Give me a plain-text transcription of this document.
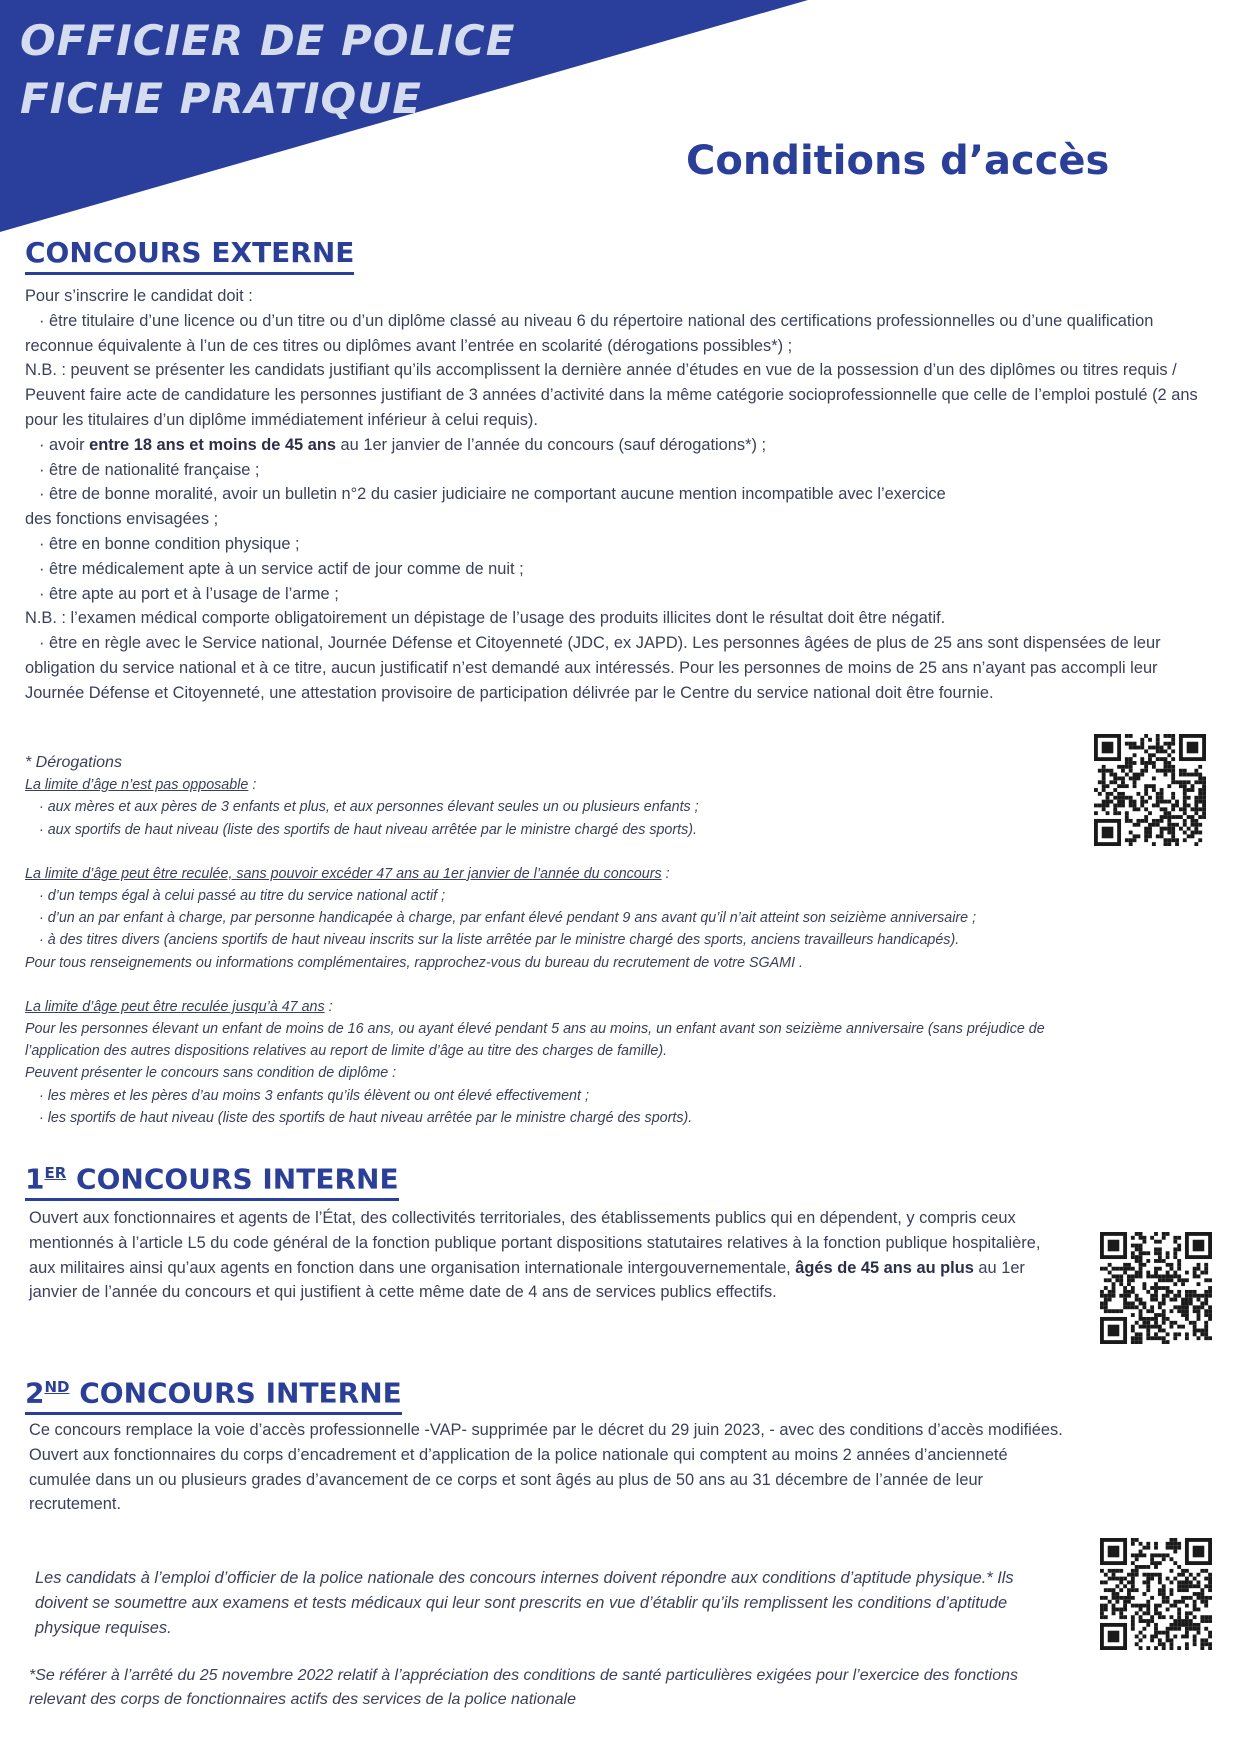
OFFICIER DE POLICE
FICHE PRATIQUE
Conditions d’accès
CONCOURS EXTERNE

Pour s’inscrire le candidat doit :

· être titulaire d’une licence ou d’un titre ou d’un diplôme classé au niveau 6 du répertoire national des certifications professionnelles ou d’une qualification reconnue équivalente à l’un de ces titres ou diplômes avant l’entrée en scolarité (dérogations possibles*) ;

N.B. : peuvent se présenter les candidats justifiant qu’ils accomplissent la dernière année d’études en vue de la possession d’un des diplômes ou titres requis / Peuvent faire acte de candidature les personnes justifiant de 3 années d’activité dans la même catégorie socioprofessionnelle que celle de l’emploi postulé (2 ans pour les titulaires d’un diplôme immédiatement inférieur à celui requis).

· avoir entre 18 ans et moins de 45 ans au 1er janvier de l’année du concours (sauf dérogations*) ;

· être de nationalité française ;

· être de bonne moralité, avoir un bulletin n°2 du casier judiciaire ne comportant aucune mention incompatible avec l’exercice

des fonctions envisagées ;

· être en bonne condition physique ;

· être médicalement apte à un service actif de jour comme de nuit ;

· être apte au port et à l’usage de l’arme ;

N.B. : l’examen médical comporte obligatoirement un dépistage de l’usage des produits illicites dont le résultat doit être négatif.

· être en règle avec le Service national, Journée Défense et Citoyenneté (JDC, ex JAPD). Les personnes âgées de plus de 25 ans sont dispensées de leur obligation du service national et à ce titre, aucun justificatif n’est demandé aux intéressés. Pour les personnes de moins de 25 ans n’ayant pas accompli leur Journée Défense et Citoyenneté, une attestation provisoire de participation délivrée par le Centre du service national doit être fournie.

* Dérogations

La limite d’âge n’est pas opposable :

· aux mères et aux pères de 3 enfants et plus, et aux personnes élevant seules un ou plusieurs enfants ;

· aux sportifs de haut niveau (liste des sportifs de haut niveau arrêtée par le ministre chargé des sports).

La limite d’âge peut être reculée, sans pouvoir excéder 47 ans au 1er janvier de l’année du concours :

· d’un temps égal à celui passé au titre du service national actif ;

· d’un an par enfant à charge, par personne handicapée à charge, par enfant élevé pendant 9 ans avant qu’il n’ait atteint son seizième anniversaire ;

· à des titres divers (anciens sportifs de haut niveau inscrits sur la liste arrêtée par le ministre chargé des sports, anciens travailleurs handicapés).

Pour tous renseignements ou informations complémentaires, rapprochez-vous du bureau du recrutement de votre SGAMI .

La limite d’âge peut être reculée jusqu’à 47 ans :

Pour les personnes élevant un enfant de moins de 16 ans, ou ayant élevé pendant 5 ans au moins, un enfant avant son seizième anniversaire (sans préjudice de l’application des autres dispositions relatives au report de limite d’âge au titre des charges de famille).

Peuvent présenter le concours sans condition de diplôme :

· les mères et les pères d’au moins 3 enfants qu’ils élèvent ou ont élevé effectivement ;

· les sportifs de haut niveau (liste des sportifs de haut niveau arrêtée par le ministre chargé des sports).

1ER CONCOURS INTERNE

Ouvert aux fonctionnaires et agents de l’État, des collectivités territoriales, des établissements publics qui en dépendent, y compris ceux mentionnés à l’article L5 du code général de la fonction publique portant dispositions statutaires relatives à la fonction publique hospitalière, aux militaires ainsi qu’aux agents en fonction dans une organisation internationale intergouvernementale, âgés de 45 ans au plus au 1er janvier de l’année du concours et qui justifient à cette même date de 4 ans de services publics effectifs.

2ND CONCOURS INTERNE

Ce concours remplace la voie d’accès professionnelle -VAP- supprimée par le décret du 29 juin 2023, - avec des conditions d’accès modifiées.

Ouvert aux fonctionnaires du corps d’encadrement et d’application de la police nationale qui comptent au moins 2 années d’ancienneté cumulée dans un ou plusieurs grades d’avancement de ce corps et sont âgés au plus de 50 ans au 31 décembre de l’année de leur recrutement.

Les candidats à l’emploi d’officier de la police nationale des concours internes doivent répondre aux conditions d’aptitude physique.* Ils doivent se soumettre aux examens et tests médicaux qui leur sont prescrits en vue d’établir qu’ils remplissent les conditions d’aptitude physique requises.
*Se référer à l’arrêté du 25 novembre 2022 relatif à l’appréciation des conditions de santé particulières exigées pour l’exercice des fonctions relevant des corps de fonctionnaires actifs des services de la police nationale
